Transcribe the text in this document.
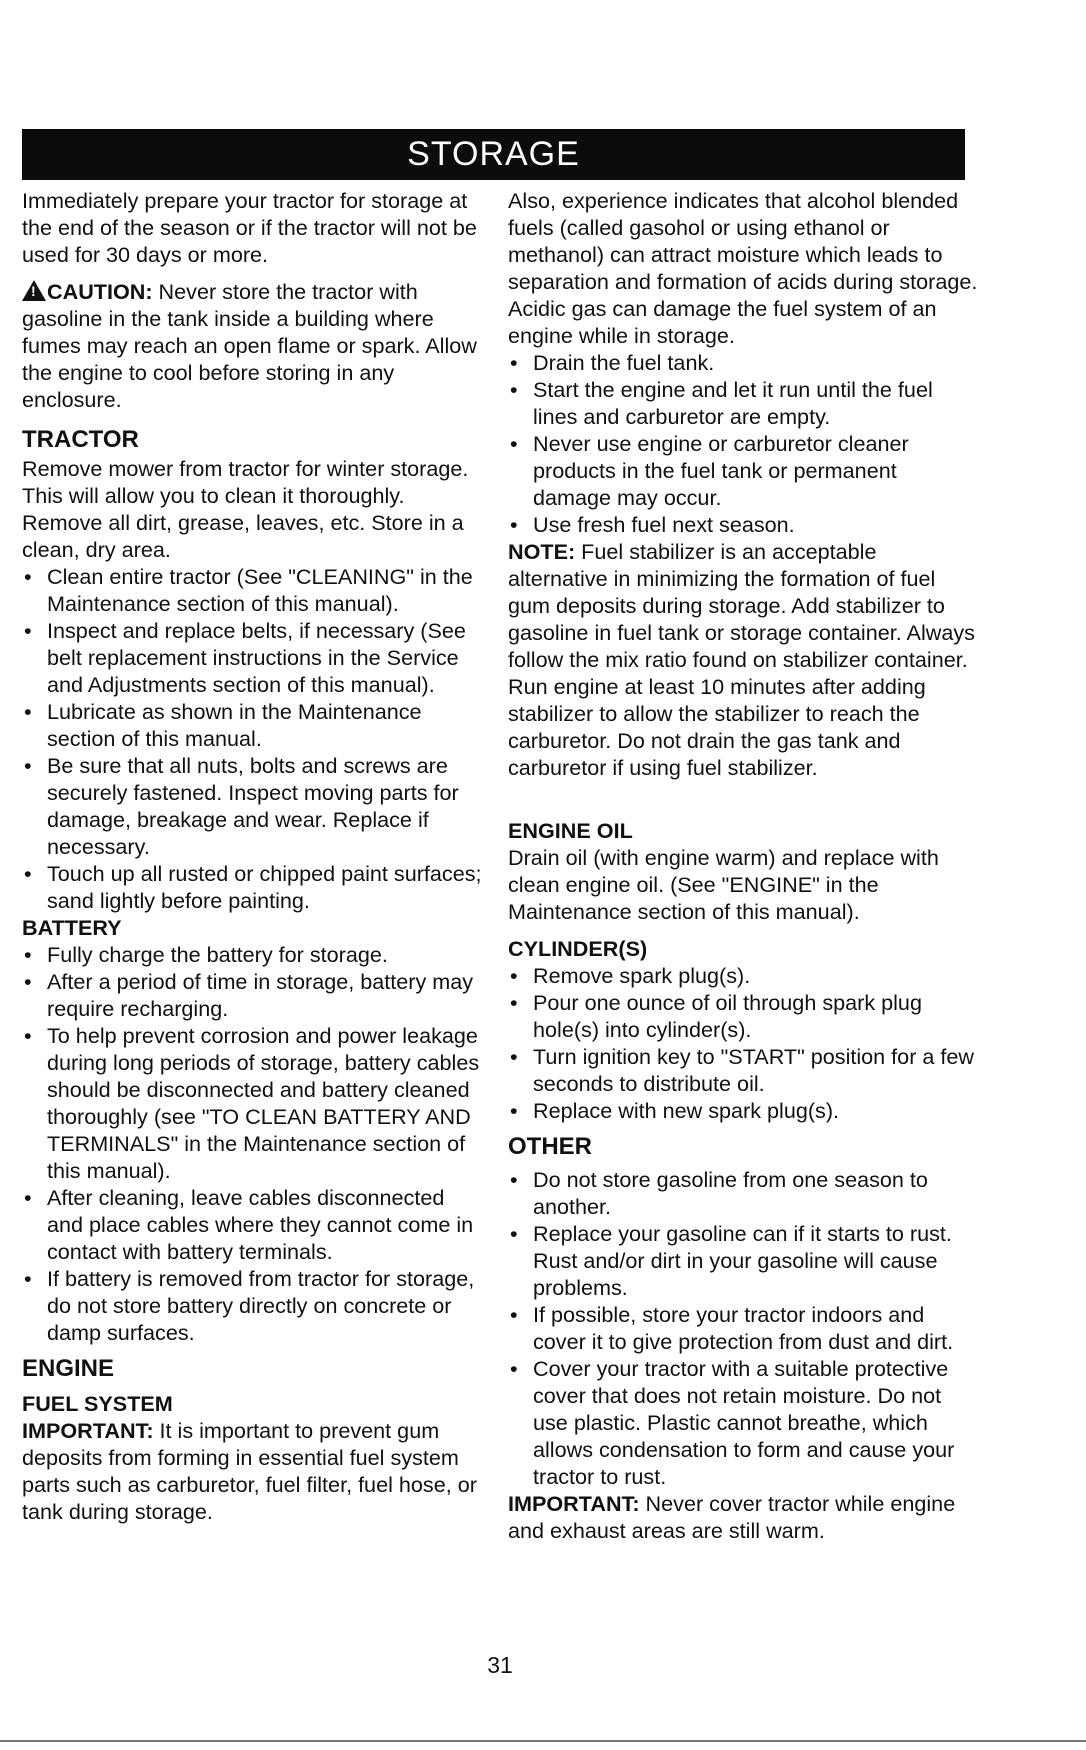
STORAGE

Immediately prepare your tractor for storage at the end of the season or if the tractor will not be used for 30 days or more.

!CAUTION: Never store the tractor with gasoline in the tank inside a building where fumes may reach an open flame or spark. Allow the engine to cool before storing in any enclosure.

TRACTOR

Remove mower from tractor for winter storage. This will allow you to clean it thoroughly. Remove all dirt, grease, leaves, etc. Store in a clean, dry area.

• Clean entire tractor (See "CLEANING" in the Maintenance section of this manual).
• Inspect and replace belts, if necessary (See belt replacement instructions in the Service and Adjustments section of this manual).
• Lubricate as shown in the Maintenance section of this manual.
• Be sure that all nuts, bolts and screws are securely fastened. Inspect moving parts for damage, breakage and wear. Replace if necessary.
• Touch up all rusted or chipped paint surfaces; sand lightly before painting.
BATTERY
• Fully charge the battery for storage.
• After a period of time in storage, battery may require recharging.
• To help prevent corrosion and power leakage during long periods of storage, battery cables should be disconnected and battery cleaned thoroughly (see "TO CLEAN BATTERY AND TERMINALS" in the Maintenance section of this manual).
• After cleaning, leave cables disconnected and place cables where they cannot come in contact with battery terminals.
• If battery is removed from tractor for storage, do not store battery directly on concrete or damp surfaces.
ENGINE
FUEL SYSTEM

IMPORTANT: It is important to prevent gum deposits from forming in essential fuel system parts such as carburetor, fuel filter, fuel hose, or tank during storage.

Also, experience indicates that alcohol blended fuels (called gasohol or using ethanol or methanol) can attract moisture which leads to separation and formation of acids during storage. Acidic gas can damage the fuel system of an engine while in storage.

• Drain the fuel tank.
• Start the engine and let it run until the fuel lines and carburetor are empty.
• Never use engine or carburetor cleaner products in the fuel tank or permanent damage may occur.
• Use fresh fuel next season.

NOTE: Fuel stabilizer is an acceptable alternative in minimizing the formation of fuel gum deposits during storage. Add stabilizer to gasoline in fuel tank or storage container. Always follow the mix ratio found on stabilizer container. Run engine at least 10 minutes after adding stabilizer to allow the stabilizer to reach the carburetor. Do not drain the gas tank and carburetor if using fuel stabilizer.

ENGINE OIL

Drain oil (with engine warm) and replace with clean engine oil. (See "ENGINE" in the Maintenance section of this manual).

CYLINDER(S)
• Remove spark plug(s).
• Pour one ounce of oil through spark plug hole(s) into cylinder(s).
• Turn ignition key to "START" position for a few seconds to distribute oil.
• Replace with new spark plug(s).
OTHER
• Do not store gasoline from one season to another.
• Replace your gasoline can if it starts to rust. Rust and/or dirt in your gasoline will cause problems.
• If possible, store your tractor indoors and cover it to give protection from dust and dirt.
• Cover your tractor with a suitable protective cover that does not retain moisture. Do not use plastic. Plastic cannot breathe, which allows condensation to form and cause your tractor to rust.

IMPORTANT: Never cover tractor while engine and exhaust areas are still warm.

31
